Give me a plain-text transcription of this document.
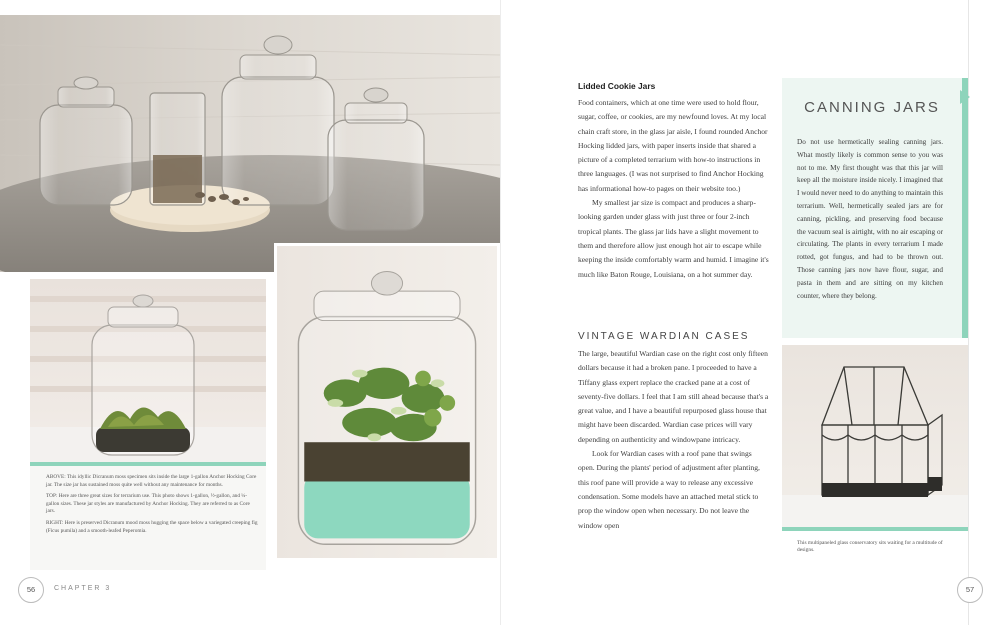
ABOVE: This idyllic Dicranum moss specimen sits inside the large 1-gallon Anchor Hocking Core jar. The size jar has sustained moss quite well without any maintenance for months.

TOP: Here are three great sizes for terrarium use. This photo shows 1-gallon, ½-gallon, and ¼-gallon sizes. These jar styles are manufactured by Anchor Hocking. They are referred to as Core jars.

RIGHT: Here is preserved Dicranum mood moss hugging the space below a variegated creeping fig (Ficus pumila) and a smooth-leafed Peperomia.

Lidded Cookie Jars

Food containers, which at one time were used to hold flour, sugar, coffee, or cookies, are my newfound loves. At my local chain craft store, in the glass jar aisle, I found rounded Anchor Hocking lidded jars, with paper inserts inside that shared a picture of a completed terrarium with how-to instructions in three languages. (I was not surprised to find Anchor Hocking has informational how-to pages on their website too.)

My smallest jar size is compact and produces a sharp-looking garden under glass with just three or four 2-inch tropical plants. The glass jar lids have a slight movement to them and therefore allow just enough hot air to escape while keeping the inside comfortably warm and humid. I imagine it's much like Baton Rouge, Louisiana, on a hot summer day.

VINTAGE WARDIAN CASES

The large, beautiful Wardian case on the right cost only fifteen dollars because it had a broken pane. I proceeded to have a Tiffany glass expert replace the cracked pane at a cost of seventy-five dollars. I feel that I am still ahead because that's a great value, and I have a beautiful repurposed glass house that might have been discarded. Wardian case prices will vary depending on authenticity and windowpane intricacy.

Look for Wardian cases with a roof pane that swings open. During the plants' period of adjustment after planting, this roof pane will provide a way to release any excessive condensation. Some models have an attached metal stick to prop the window open when necessary. Do not leave the window open

CANNING JARS
Do not use hermetically sealing canning jars. What mostly likely is common sense to you was not to me. My first thought was that this jar will keep all the moisture inside nicely. I imagined that I would never need to do anything to maintain this terrarium. Well, hermetically sealed jars are for canning, pickling, and preserving food because the vacuum seal is airtight, with no air escaping or circulating. The plants in every terrarium I made rotted, got fungus, and had to be thrown out. Those canning jars now have flour, sugar, and pasta in them and are sitting on my kitchen counter, where they belong.
This multipaneled glass conservatory sits waiting for a multitude of designs.
56	CHAPTER 3	57
